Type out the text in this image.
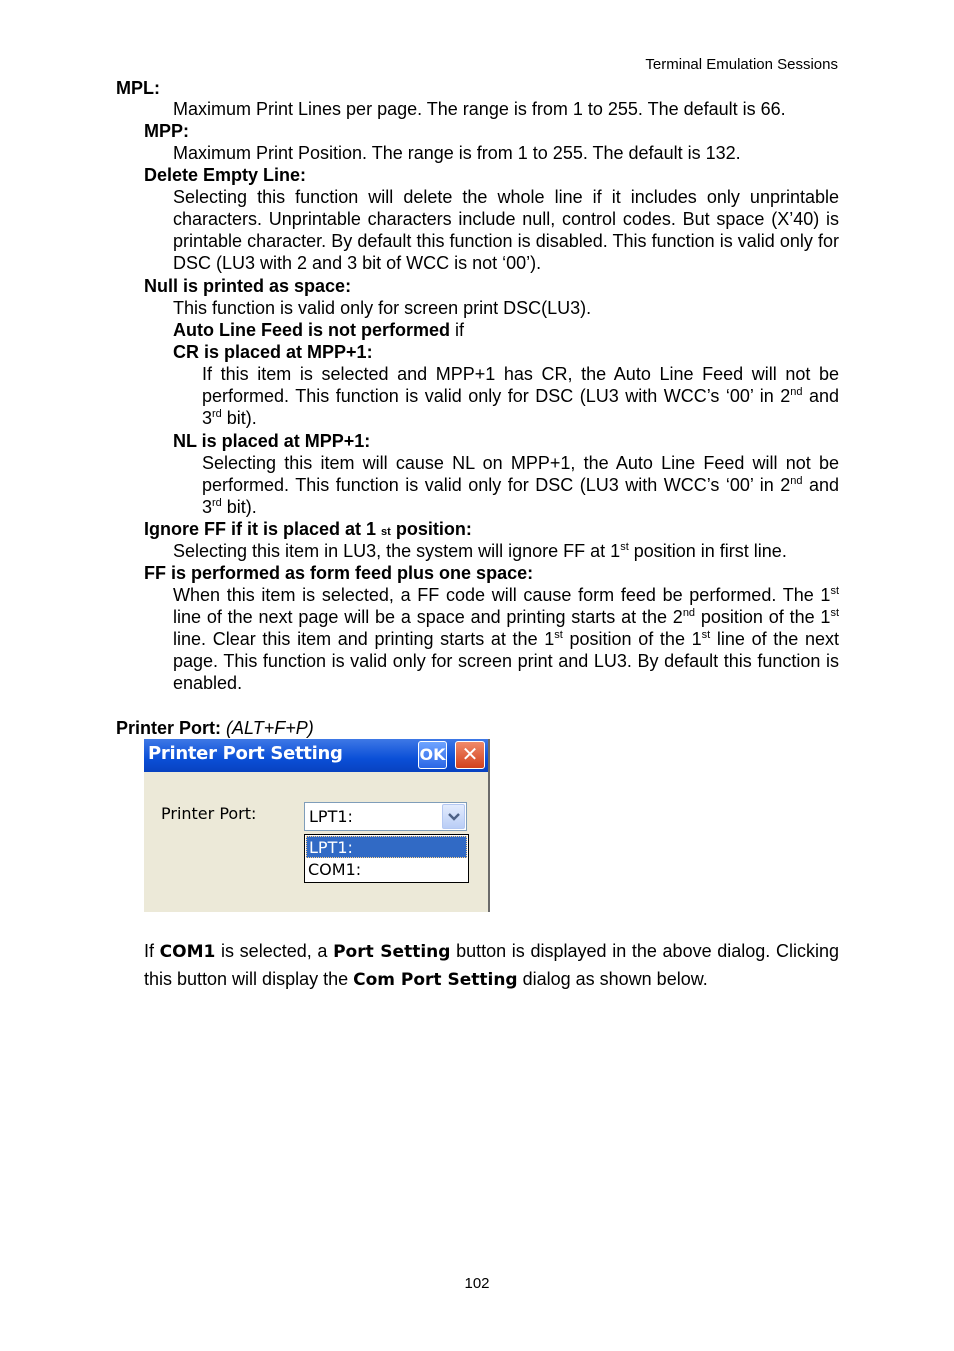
Terminal Emulation Sessions
MPL:
Maximum Print Lines per page. The range is from 1 to 255. The default is 66.
MPP:
Maximum Print Position. The range is from 1 to 255. The default is 132.
Delete Empty Line:
Selecting this function will delete the whole line if it includes only unprintable characters. Unprintable characters include null, control codes. But space (X’40) is printable character. By default this function is disabled. This function is valid only for DSC (LU3 with 2 and 3 bit of WCC is not ‘00’).
Null is printed as space:
This function is valid only for screen print DSC(LU3).
Auto Line Feed is not performed if
CR is placed at MPP+1:
If this item is selected and MPP+1 has CR, the Auto Line Feed will not be performed. This function is valid only for DSC (LU3 with WCC’s ‘00’ in 2nd and 3rd bit).
NL is placed at MPP+1:
Selecting this item will cause NL on MPP+1, the Auto Line Feed will not be performed. This function is valid only for DSC (LU3 with WCC’s ‘00’ in 2nd and 3rd bit).
Ignore FF if it is placed at 1 st position:
Selecting this item in LU3, the system will ignore FF at 1st position in first line.
FF is performed as form feed plus one space:
When this item is selected, a FF code will cause form feed be performed. The 1st line of the next page will be a space and printing starts at the 2nd position of the 1st line. Clear this item and printing starts at the 1st position of the 1st line of the next page. This function is valid only for screen print and LU3. By default this function is enabled.
Printer Port: (ALT+F+P)
Printer Port Setting	OK ✕
Printer Port:	LPT1:
LPT1:
COM1:
If COM1 is selected, a Port Setting button is displayed in the above dialog. Clicking this button will display the Com Port Setting dialog as shown below.
102
